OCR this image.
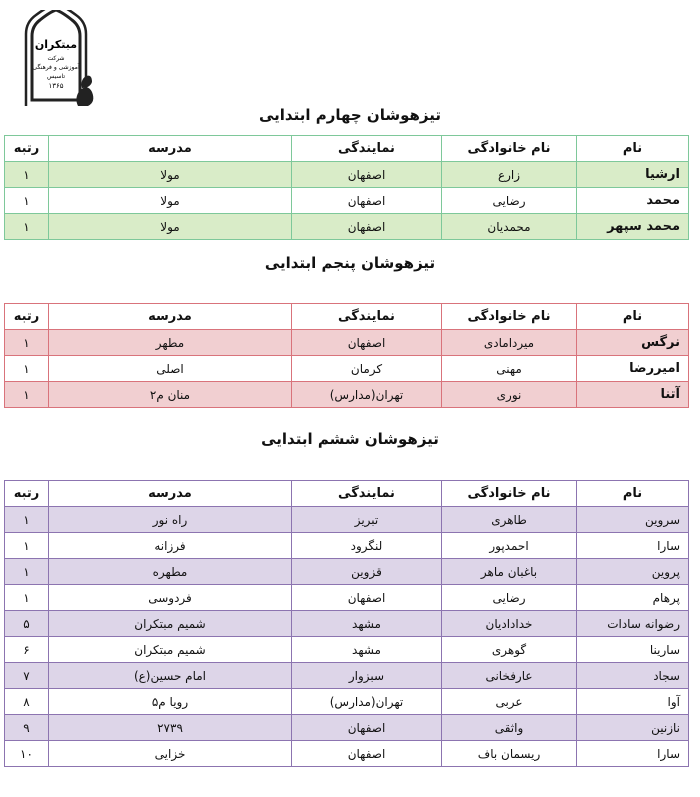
مبتکران
شرکت
آموزشی و فرهنگی
تاسیس
۱۳۶۵
تیزهوشان چهارم ابتدایی
نام	نام خانوادگی	نمایندگی	مدرسه	رتبه
ارشیا	زارع	اصفهان	مولا	۱
محمد	رضایی	اصفهان	مولا	۱
محمد سپهر	محمدیان	اصفهان	مولا	۱
تیزهوشان پنجم ابتدایی
نام	نام خانوادگی	نمایندگی	مدرسه	رتبه
نرگس	میردامادی	اصفهان	مطهر	۱
امیررضا	مهنی	کرمان	اصلی	۱
آتنا	نوری	تهران(مدارس)	منان م۲	۱
تیزهوشان ششم ابتدایی
نام	نام خانوادگی	نمایندگی	مدرسه	رتبه
سروین	طاهری	تبریز	راه نور	۱
سارا	احمدپور	لنگرود	فرزانه	۱
پروین	باغبان ماهر	قزوین	مطهره	۱
پرهام	رضایی	اصفهان	فردوسی	۱
رضوانه سادات	خدادادیان	مشهد	شمیم مبتکران	۵
سارینا	گوهری	مشهد	شمیم مبتکران	۶
سجاد	عارفخانی	سبزوار	امام حسین(ع)	۷
آوا	عربی	تهران(مدارس)	رویا م۵	۸
نازنین	واثقی	اصفهان	۲۷۳۹	۹
سارا	ریسمان باف	اصفهان	خزایی	۱۰
